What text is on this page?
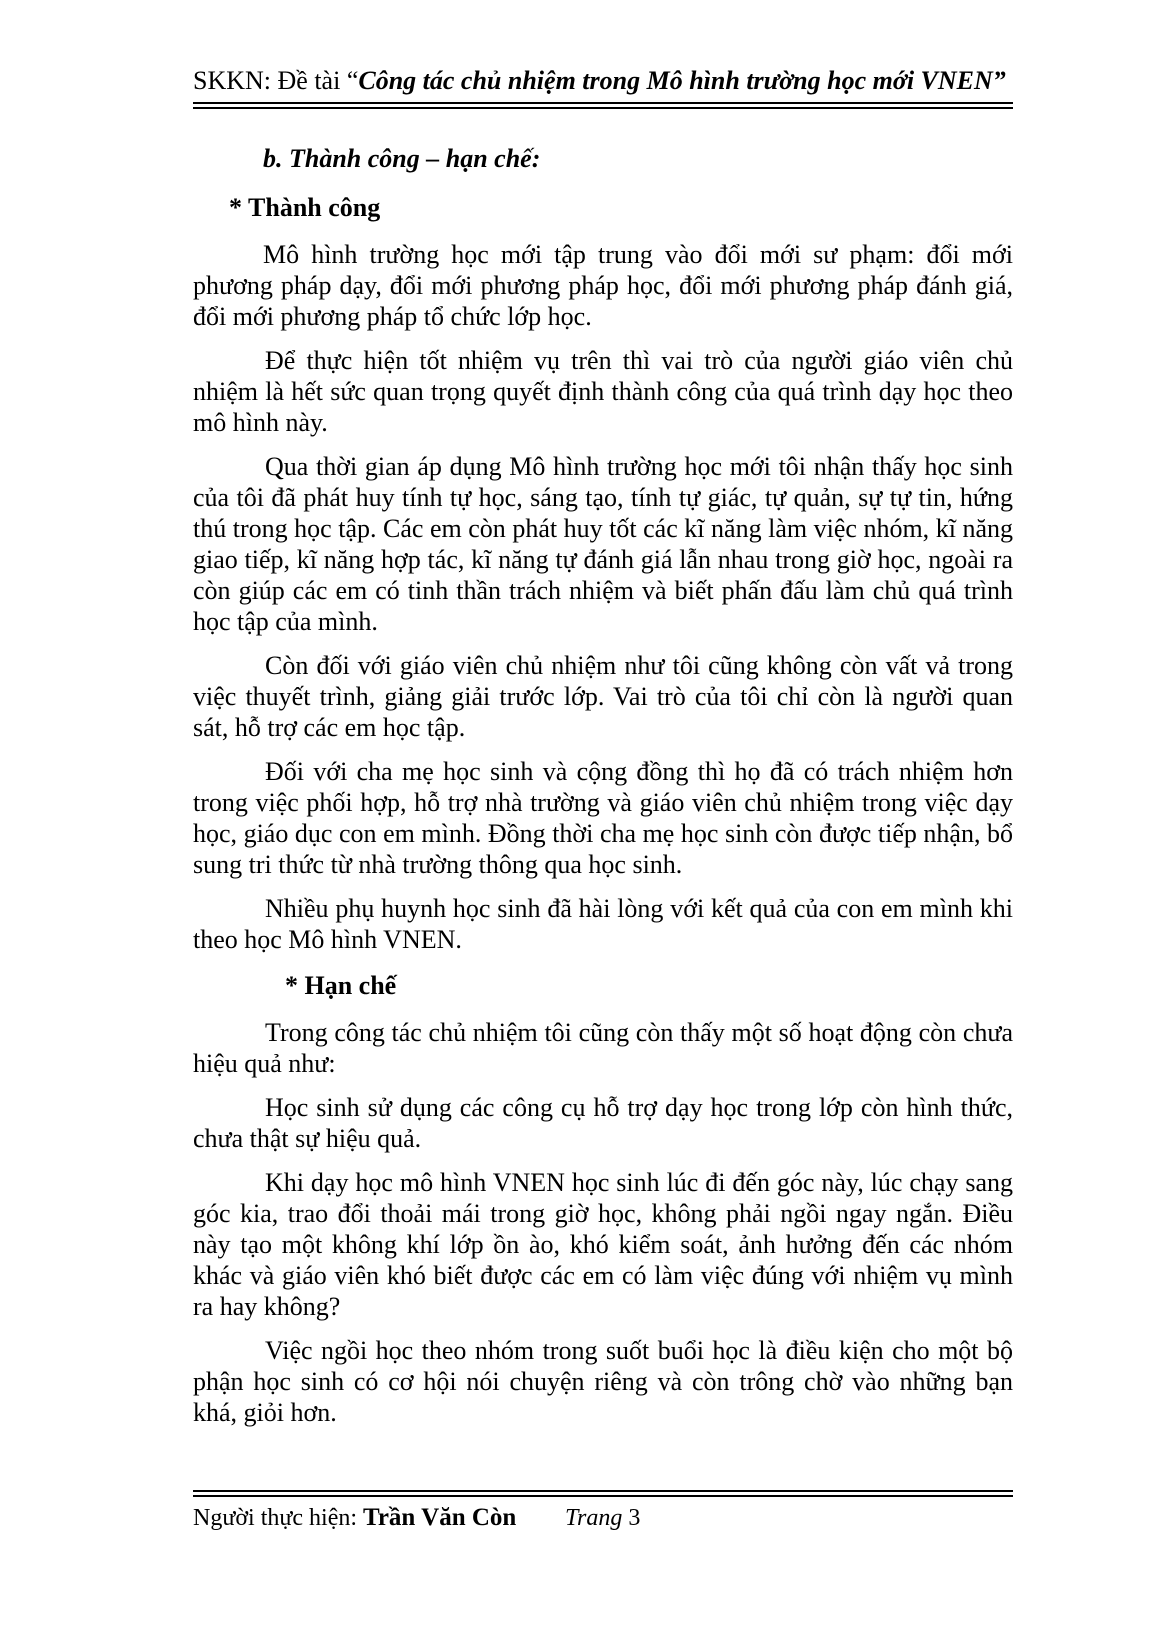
SKKN: Đề tài “Công tác chủ nhiệm trong Mô hình trường học mới VNEN”
b. Thành công – hạn chế:
* Thành công

Mô hình trường học mới tập trung vào đổi mới sư phạm: đổi mới phương pháp dạy, đổi mới phương pháp học, đổi mới phương pháp đánh giá, đổi mới phương pháp tổ chức lớp học.

Để thực hiện tốt nhiệm vụ trên thì vai trò của người giáo viên chủ nhiệm là hết sức quan trọng quyết định thành công của quá trình dạy học theo mô hình này.

Qua thời gian áp dụng Mô hình trường học mới tôi nhận thấy học sinh của tôi đã phát huy tính tự học, sáng tạo, tính tự giác, tự quản, sự tự tin, hứng thú trong học tập. Các em còn phát huy tốt các kĩ năng làm việc nhóm, kĩ năng giao tiếp, kĩ năng hợp tác, kĩ năng tự đánh giá lẫn nhau trong giờ học, ngoài ra còn giúp các em có tinh thần trách nhiệm và biết phấn đấu làm chủ quá trình học tập của mình.

Còn đối với giáo viên chủ nhiệm như tôi cũng không còn vất vả trong việc thuyết trình, giảng giải trước lớp. Vai trò của tôi chỉ còn là người quan sát, hỗ trợ các em học tập.

Đối với cha mẹ học sinh và cộng đồng thì họ đã có trách nhiệm hơn trong việc phối hợp, hỗ trợ nhà trường và giáo viên chủ nhiệm trong việc dạy học, giáo dục con em mình. Đồng thời cha mẹ học sinh còn được tiếp nhận, bổ sung tri thức từ nhà trường thông qua học sinh.

Nhiều phụ huynh học sinh đã hài lòng với kết quả của con em mình khi theo học Mô hình VNEN.

* Hạn chế

Trong công tác chủ nhiệm tôi cũng còn thấy một số hoạt động còn chưa hiệu quả như:

Học sinh sử dụng các công cụ hỗ trợ dạy học trong lớp còn hình thức, chưa thật sự hiệu quả.

Khi dạy học mô hình VNEN học sinh lúc đi đến góc này, lúc chạy sang góc kia, trao đổi thoải mái trong giờ học, không phải ngồi ngay ngắn. Điều này tạo một không khí lớp ồn ào, khó kiểm soát, ảnh hưởng đến các nhóm khác và giáo viên khó biết được các em có làm việc đúng với nhiệm vụ mình ra hay không?

Việc ngồi học theo nhóm trong suốt buổi học là điều kiện cho một bộ phận học sinh có cơ hội nói chuyện riêng và còn trông chờ vào những bạn khá, giỏi hơn.

Người thực hiện: Trần Văn Còn Trang 3
